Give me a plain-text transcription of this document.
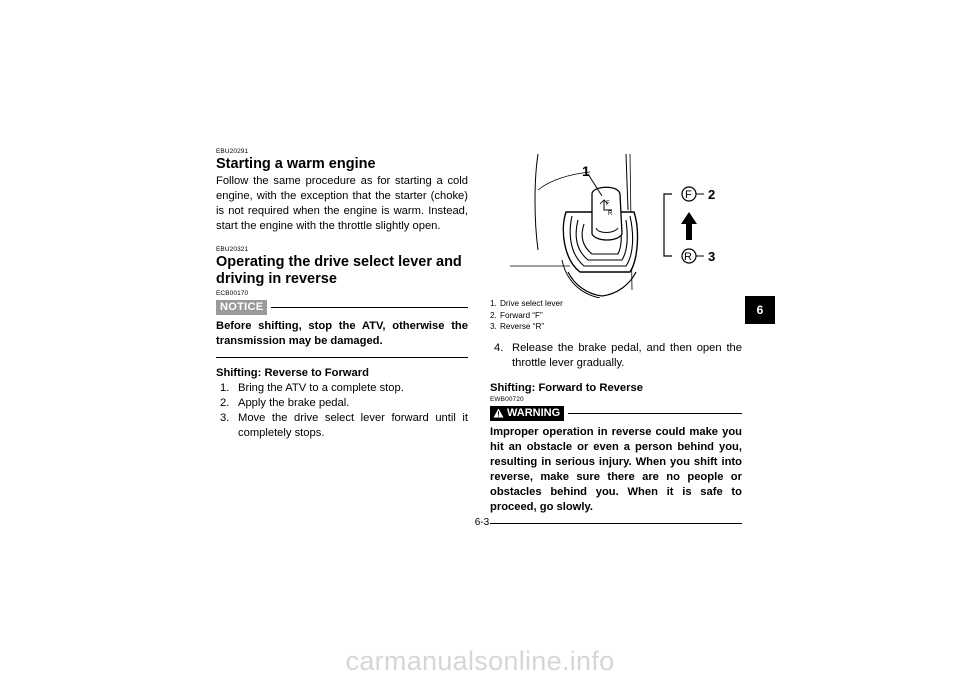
EBU20291
Starting a warm engine
Follow the same procedure as for starting a cold engine, with the exception that the starter (choke) is not required when the engine is warm. Instead, start the engine with the throttle slightly open.
EBU20321
Operating the drive select lever and
driving in reverse
ECB00170
NOTICE
Before shifting, stop the ATV, otherwise the transmission may be damaged.
Shifting: Reverse to Forward
1. Bring the ATV to a complete stop.
2. Apply the brake pedal.
3. Move the drive select lever forward until it completely stops.
1
2
3
F
R
F
R
1. Drive select lever
2. Forward “F”
3. Reverse “R”
4. Release the brake pedal, and then open the throttle lever gradually.
Shifting: Forward to Reverse
EWB00720
WARNING
Improper operation in reverse could make you hit an obstacle or even a person behind you, resulting in serious injury. When you shift into reverse, make sure there are no people or obstacles behind you. When it is safe to proceed, go slowly.
6
6-3
carmanualsonline.info
